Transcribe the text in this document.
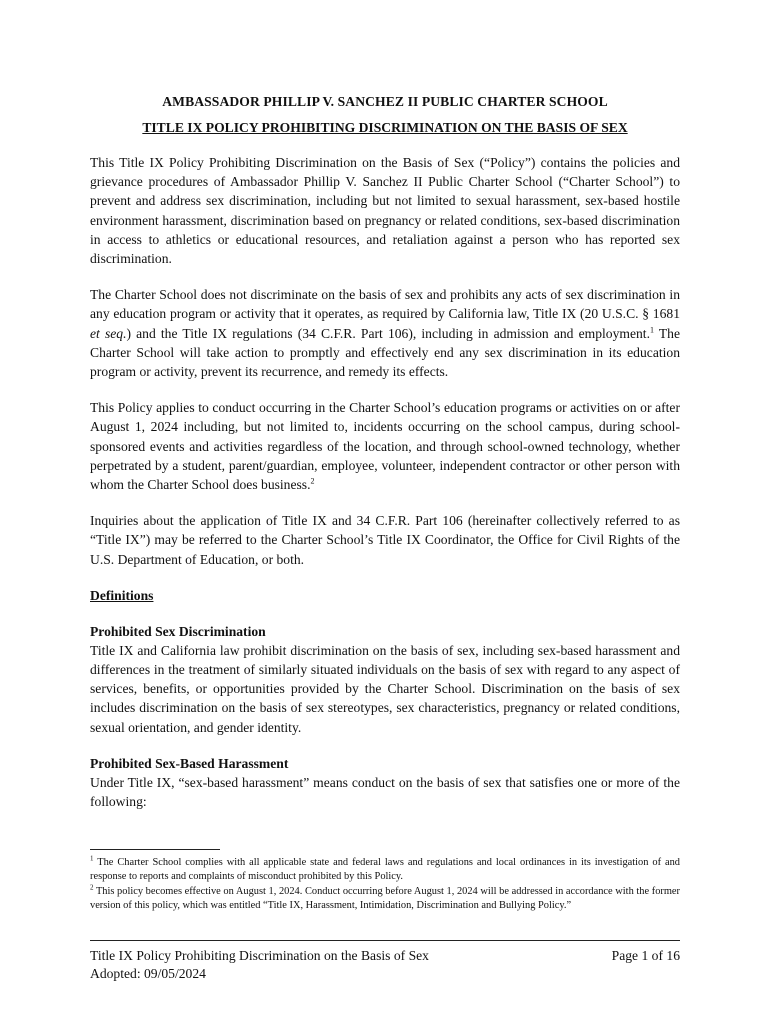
AMBASSADOR PHILLIP V. SANCHEZ II PUBLIC CHARTER SCHOOL
TITLE IX POLICY PROHIBITING DISCRIMINATION ON THE BASIS OF SEX

This Title IX Policy Prohibiting Discrimination on the Basis of Sex (“Policy”) contains the policies and grievance procedures of Ambassador Phillip V. Sanchez II Public Charter School (“Charter School”) to prevent and address sex discrimination, including but not limited to sexual harassment, sex-based hostile environment harassment, discrimination based on pregnancy or related conditions, sex-based discrimination in access to athletics or educational resources, and retaliation against a person who has reported sex discrimination.

The Charter School does not discriminate on the basis of sex and prohibits any acts of sex discrimination in any education program or activity that it operates, as required by California law, Title IX (20 U.S.C. § 1681 et seq.) and the Title IX regulations (34 C.F.R. Part 106), including in admission and employment.$^1$ The Charter School will take action to promptly and effectively end any sex discrimination in its education program or activity, prevent its recurrence, and remedy its effects.

This Policy applies to conduct occurring in the Charter School’s education programs or activities on or after August 1, 2024 including, but not limited to, incidents occurring on the school campus, during school-sponsored events and activities regardless of the location, and through school-owned technology, whether perpetrated by a student, parent/guardian, employee, volunteer, independent contractor or other person with whom the Charter School does business.$^2$

Inquiries about the application of Title IX and 34 C.F.R. Part 106 (hereinafter collectively referred to as “Title IX”) may be referred to the Charter School’s Title IX Coordinator, the Office for Civil Rights of the U.S. Department of Education, or both.

Definitions
Prohibited Sex Discrimination

Title IX and California law prohibit discrimination on the basis of sex, including sex-based harassment and differences in the treatment of similarly situated individuals on the basis of sex with regard to any aspect of services, benefits, or opportunities provided by the Charter School. Discrimination on the basis of sex includes discrimination on the basis of sex stereotypes, sex characteristics, pregnancy or related conditions, sexual orientation, and gender identity.

Prohibited Sex-Based Harassment

Under Title IX, “sex-based harassment” means conduct on the basis of sex that satisfies one or more of the following:

$^1$ The Charter School complies with all applicable state and federal laws and regulations and local ordinances in its investigation of and response to reports and complaints of misconduct prohibited by this Policy.

$^2$ This policy becomes effective on August 1, 2024. Conduct occurring before August 1, 2024 will be addressed in accordance with the former version of this policy, which was entitled “Title IX, Harassment, Intimidation, Discrimination and Bullying Policy.”

Title IX Policy Prohibiting Discrimination on the Basis of Sex	Page 1 of 16
Adopted: 09/05/2024
